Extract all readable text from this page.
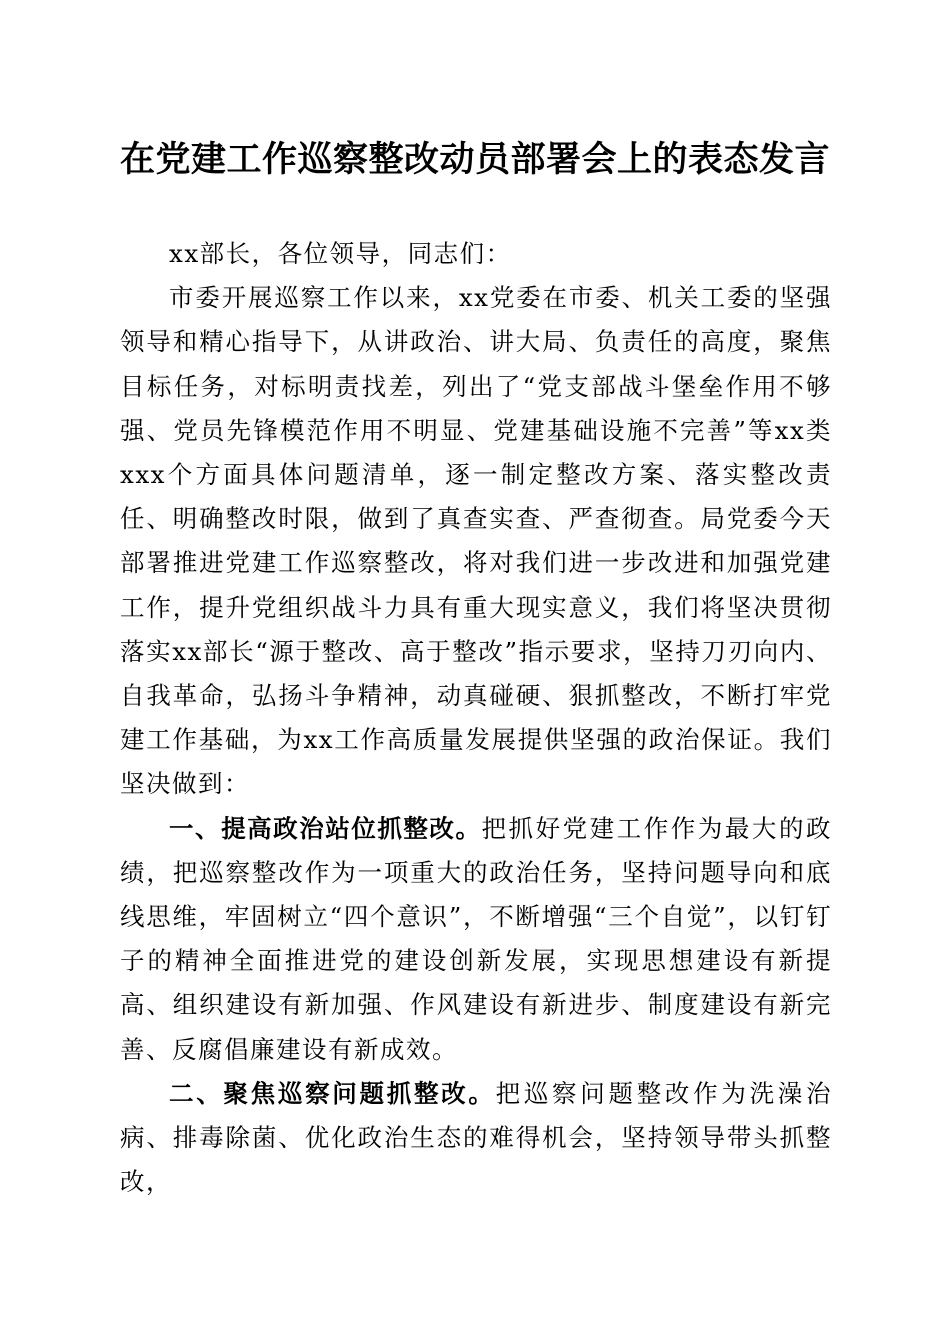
在党建工作巡察整改动员部署会上的表态发言

xx部长，各位领导，同志们：

市委开展巡察工作以来，xx党委在市委、机关工委的坚强领导和精心指导下，从讲政治、讲大局、负责任的高度，聚焦目标任务，对标明责找差，列出了“党支部战斗堡垒作用不够强、党员先锋模范作用不明显、党建基础设施不完善”等xx类xxx个方面具体问题清单，逐一制定整改方案、落实整改责任、明确整改时限，做到了真查实查、严查彻查。局党委今天部署推进党建工作巡察整改，将对我们进一步改进和加强党建工作，提升党组织战斗力具有重大现实意义，我们将坚决贯彻落实xx部长“源于整改、高于整改”指示要求，坚持刀刃向内、自我革命，弘扬斗争精神，动真碰硬、狠抓整改，不断打牢党建工作基础，为xx工作高质量发展提供坚强的政治保证。我们坚决做到：

一、提高政治站位抓整改。把抓好党建工作作为最大的政绩，把巡察整改作为一项重大的政治任务，坚持问题导向和底线思维，牢固树立“四个意识”，不断增强“三个自觉”，以钉钉子的精神全面推进党的建设创新发展，实现思想建设有新提高、组织建设有新加强、作风建设有新进步、制度建设有新完善、反腐倡廉建设有新成效。

二、聚焦巡察问题抓整改。把巡察问题整改作为洗澡治病、排毒除菌、优化政治生态的难得机会，坚持领导带头抓整改，
